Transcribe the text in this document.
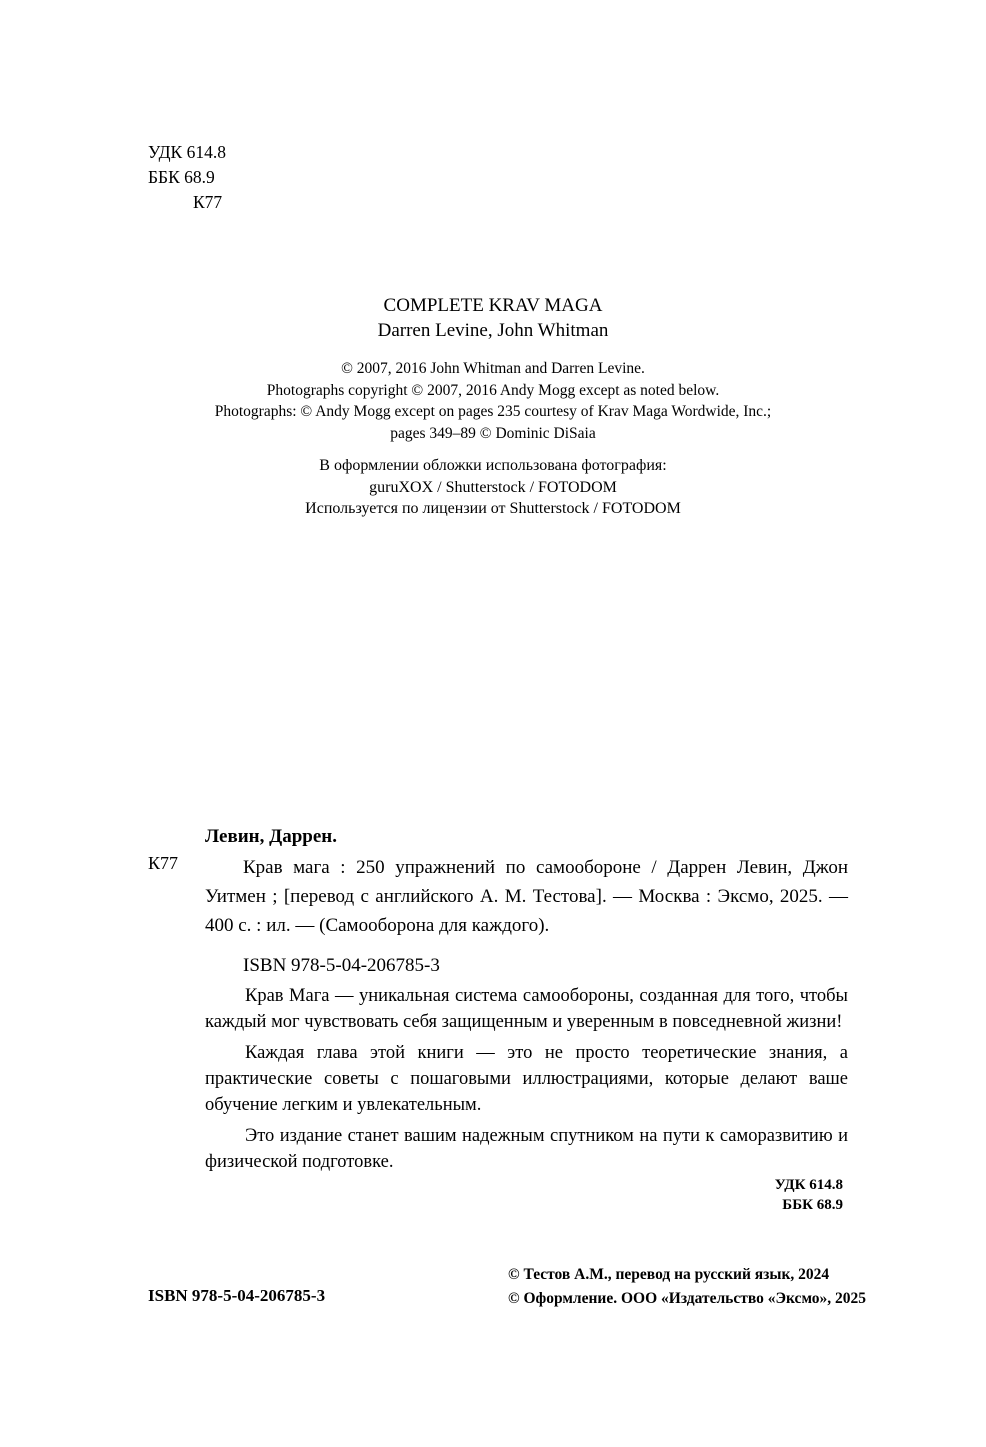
УДК 614.8
ББК 68.9
К77
COMPLETE KRAV MAGA
Darren Levine, John Whitman
© 2007, 2016 John Whitman and Darren Levine.
Photographs copyright © 2007, 2016 Andy Mogg except as noted below.
Photographs: © Andy Mogg except on pages 235 courtesy of Krav Maga Wordwide, Inc.;
pages 349–89 © Dominic DiSaia
В оформлении обложки использована фотография:
guruXOX / Shutterstock / FOTODOM
Используется по лицензии от Shutterstock / FOTODOM
Левин, Даррен.
К77	Крав мага : 250 упражнений по самообороне / Даррен Левин, Джон Уитмен ; [перевод с английского А. М. Тестова]. — Москва : Эксмо, 2025. — 400 с. : ил. — (Самооборона для каждого).

ISBN 978-5-04-206785-3

Крав Мага — уникальная система самообороны, созданная для того, чтобы каждый мог чувствовать себя защищенным и уверенным в повседневной жизни!

Каждая глава этой книги — это не просто теоретические знания, а практические советы с пошаговыми иллюстрациями, которые делают ваше обучение легким и увлекательным.

Это издание станет вашим надежным спутником на пути к саморазвитию и физической подготовке.

УДК 614.8
ББК 68.9
ISBN 978-5-04-206785-3
© Тестов А.М., перевод на русский язык, 2024
© Оформление. ООО «Издательство «Эксмо», 2025
